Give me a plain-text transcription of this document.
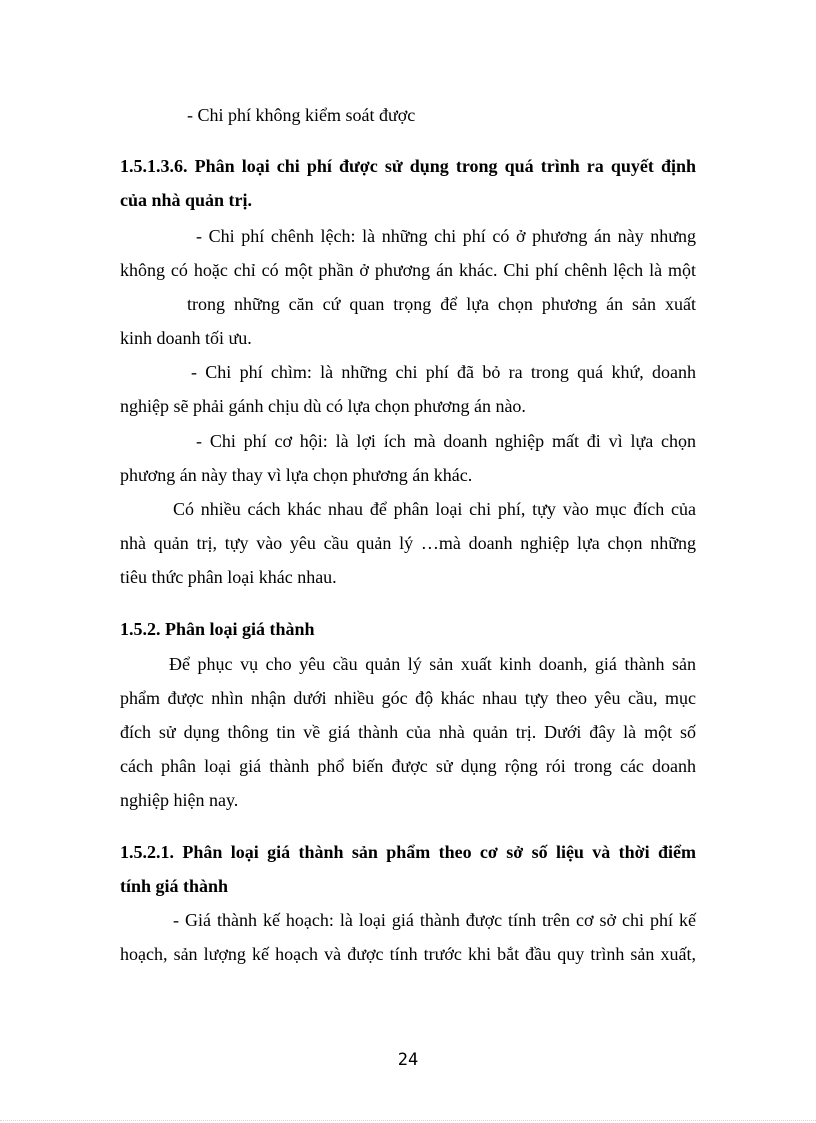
- Chi phí không kiểm soát được
1.5.1.3.6. Phân loại chi phí được sử dụng trong quá trình ra quyết định
của nhà quản trị.
- Chi phí chênh lệch: là những chi phí có ở phương án này nhưng
không có hoặc chỉ có một phần ở phương án khác. Chi phí chênh lệch là một
trong những căn cứ quan trọng để lựa chọn phương án sản xuất
kinh doanh tối ưu.
- Chi phí chìm: là những chi phí đã bỏ ra trong quá khứ, doanh
nghiệp sẽ phải gánh chịu dù có lựa chọn phương án nào.
- Chi phí cơ hội: là lợi ích mà doanh nghiệp mất đi vì lựa chọn
phương án này thay vì lựa chọn phương án khác.
Có nhiều cách khác nhau để phân loại chi phí, tựy vào mục đích của
nhà quản trị, tựy vào yêu cầu quản lý …mà doanh nghiệp lựa chọn những
tiêu thức phân loại khác nhau.
1.5.2. Phân loại giá thành
Để phục vụ cho yêu cầu quản lý sản xuất kinh doanh, giá thành sản
phẩm được nhìn nhận dưới nhiều góc độ khác nhau tựy theo yêu cầu, mục
đích sử dụng thông tin về giá thành của nhà quản trị. Dưới đây là một số
cách phân loại giá thành phổ biến được sử dụng rộng rói trong các doanh
nghiệp hiện nay.
1.5.2.1. Phân loại giá thành sản phẩm theo cơ sở số liệu và thời điểm
tính giá thành
- Giá thành kế hoạch: là loại giá thành được tính trên cơ sở chi phí kế
hoạch, sản lượng kế hoạch và được tính trước khi bắt đầu quy trình sản xuất,
24
